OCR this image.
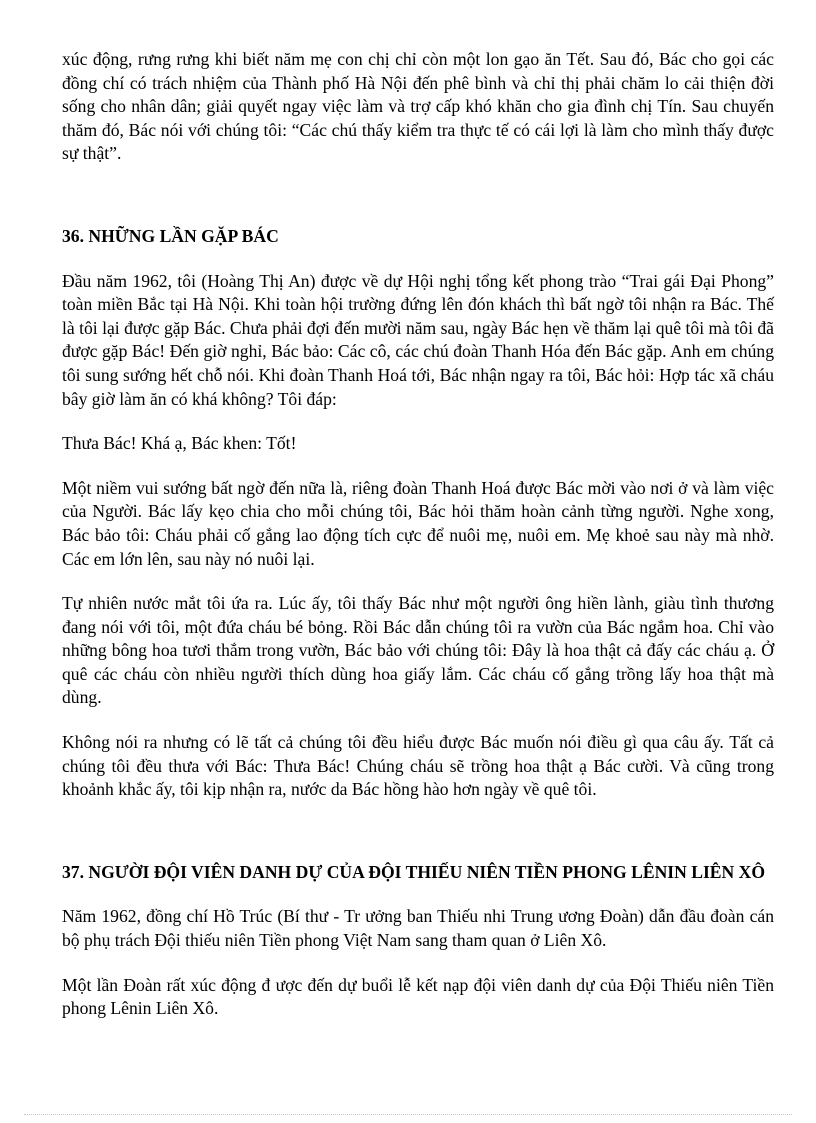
xúc động, rưng rưng khi biết năm mẹ con chị chỉ còn một lon gạo ăn Tết. Sau đó, Bác cho gọi các đồng chí có trách nhiệm của Thành phố Hà Nội đến phê bình và chỉ thị phải chăm lo cải thiện đời sống cho nhân dân; giải quyết ngay việc làm và trợ cấp khó khăn cho gia đình chị Tín. Sau chuyến thăm đó, Bác nói với chúng tôi: “Các chú thấy kiểm tra thực tế có cái lợi là làm cho mình thấy được sự thật”.

36. NHỮNG LẦN GẶP BÁC

Đầu năm 1962, tôi (Hoàng Thị An) được về dự Hội nghị tổng kết phong trào “Trai gái Đại Phong” toàn miền Bắc tại Hà Nội. Khi toàn hội trường đứng lên đón khách thì bất ngờ tôi nhận ra Bác. Thế là tôi lại được gặp Bác. Chưa phải đợi đến mười năm sau, ngày Bác hẹn về thăm lại quê tôi mà tôi đã được gặp Bác! Đến giờ nghỉ, Bác bảo: Các cô, các chú đoàn Thanh Hóa đến Bác gặp. Anh em chúng tôi sung sướng hết chỗ nói. Khi đoàn Thanh Hoá tới, Bác nhận ngay ra tôi, Bác hỏi: Hợp tác xã cháu bây giờ làm ăn có khá không? Tôi đáp:

Thưa Bác! Khá ạ, Bác khen: Tốt!

Một niềm vui sướng bất ngờ đến nữa là, riêng đoàn Thanh Hoá được Bác mời vào nơi ở và làm việc của Người. Bác lấy kẹo chia cho mỗi chúng tôi, Bác hỏi thăm hoàn cảnh từng người. Nghe xong, Bác bảo tôi: Cháu phải cố gắng lao động tích cực để nuôi mẹ, nuôi em. Mẹ khoẻ sau này mà nhờ. Các em lớn lên, sau này nó nuôi lại.

Tự nhiên nước mắt tôi ứa ra. Lúc ấy, tôi thấy Bác như một người ông hiền lành, giàu tình thương đang nói với tôi, một đứa cháu bé bỏng. Rồi Bác dẫn chúng tôi ra vườn của Bác ngắm hoa. Chỉ vào những bông hoa tươi thắm trong vườn, Bác bảo với chúng tôi: Đây là hoa thật cả đấy các cháu ạ. Ở quê các cháu còn nhiều người thích dùng hoa giấy lắm. Các cháu cố gắng trồng lấy hoa thật mà dùng.

Không nói ra nhưng có lẽ tất cả chúng tôi đều hiểu được Bác muốn nói điều gì qua câu ấy. Tất cả chúng tôi đều thưa với Bác: Thưa Bác! Chúng cháu sẽ trồng hoa thật ạ Bác cười. Và cũng trong khoảnh khắc ấy, tôi kịp nhận ra, nước da Bác hồng hào hơn ngày về quê tôi.

37. NGƯỜI ĐỘI VIÊN DANH DỰ CỦA ĐỘI THIẾU NIÊN TIỀN PHONG LÊNIN LIÊN XÔ

Năm 1962, đồng chí Hồ Trúc (Bí thư - Tr ưởng ban Thiếu nhi Trung ương Đoàn) dẫn đầu đoàn cán bộ phụ trách Đội thiếu niên Tiền phong Việt Nam sang tham quan ở Liên Xô.

Một lần Đoàn rất xúc động đ ược đến dự buổi lễ kết nạp đội viên danh dự của Đội Thiếu niên Tiền phong Lênin Liên Xô.
